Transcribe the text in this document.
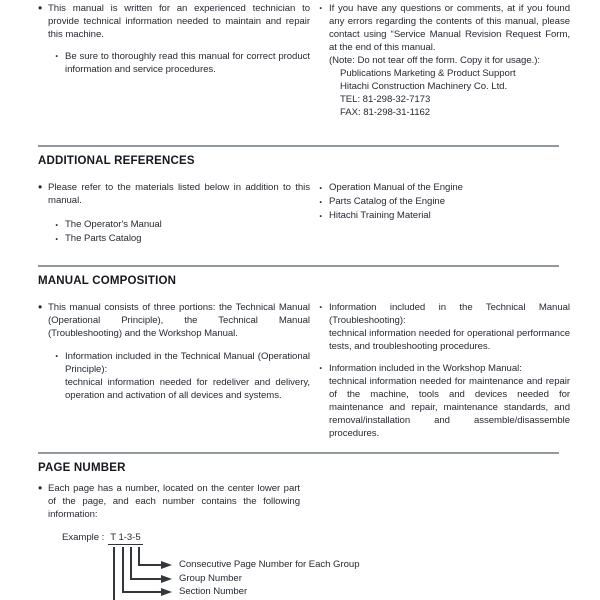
• This manual is written for an experienced technician to provide technical information needed to maintain and repair this machine.
· Be sure to thoroughly read this manual for correct product information and service procedures.
· If you have any questions or comments, at if you found any errors regarding the contents of this manual, please contact using “Service Manual Revision Request Form, at the end of this manual.
(Note: Do not tear off the form. Copy it for usage.):
Publications Marketing & Product Support
Hitachi Construction Machinery Co. Ltd.
TEL: 81-298-32-7173
FAX: 81-298-31-1162
ADDITIONAL REFERENCES
• Please refer to the materials listed below in addition to this manual.
· The Operator's Manual
· The Parts Catalog
· Operation Manual of the Engine
· Parts Catalog of the Engine
· Hitachi Training Material
MANUAL COMPOSITION
• This manual consists of three portions: the Technical Manual (Operational Principle), the Technical Manual (Troubleshooting) and the Workshop Manual.
· Information included in the Technical Manual (Operational Principle):
technical information needed for redeliver and delivery, operation and activation of all devices and systems.
· Information included in the Technical Manual (Troubleshooting):
technical information needed for operational performance tests, and troubleshooting procedures.
· Information included in the Workshop Manual:
technical information needed for maintenance and repair of the machine, tools and devices needed for maintenance and repair, maintenance standards, and removal/installation and assemble/disassemble procedures.
PAGE NUMBER
• Each page has a number, located on the center lower part of the page, and each number contains the following information:
Example : T 1-3-5
Consecutive Page Number for Each Group
Group Number
Section Number
